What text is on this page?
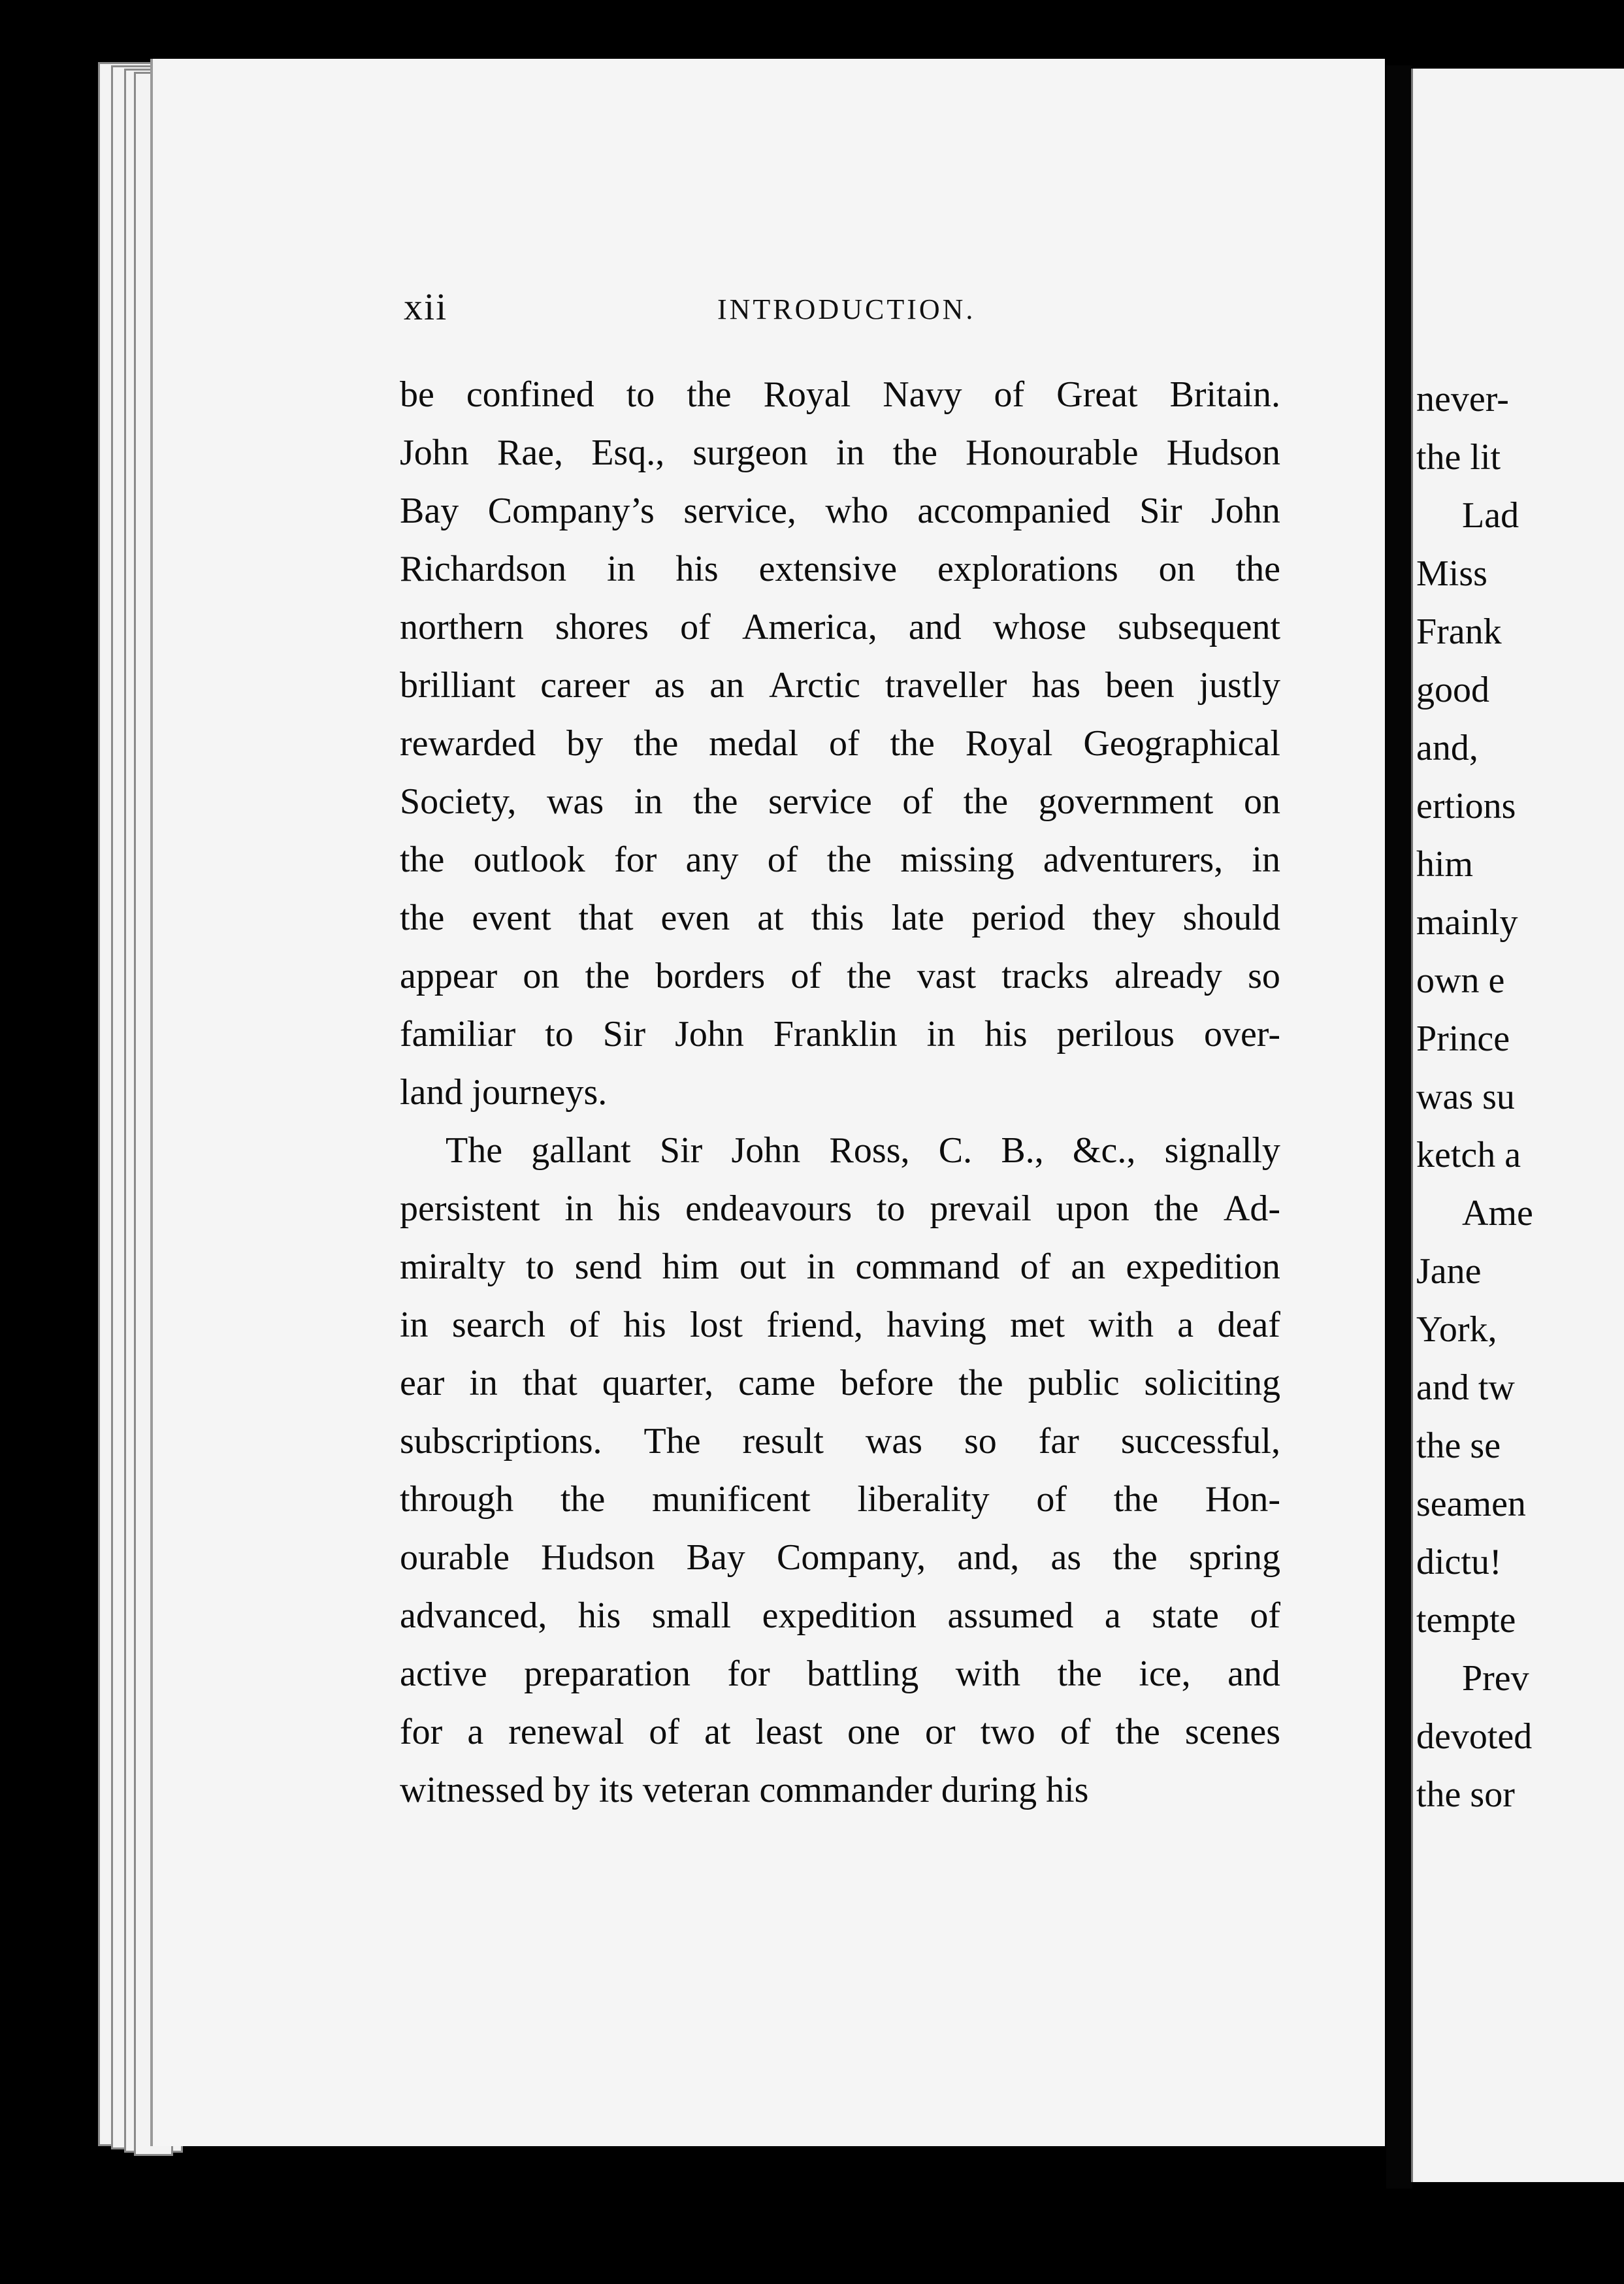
xii	INTRODUCTION.
be confined to the Royal Navy of Great Britain.
John Rae, Esq., surgeon in the Honourable Hudson
Bay Company’s service, who accompanied Sir John
Richardson in his extensive explorations on the
northern shores of America, and whose subsequent
brilliant career as an Arctic traveller has been justly
rewarded by the medal of the Royal Geographical
Society, was in the service of the government on
the outlook for any of the missing adventurers, in
the event that even at this late period they should
appear on the borders of the vast tracks already so
familiar to Sir John Franklin in his perilous over-
land journeys.
The gallant Sir John Ross, C. B., &c., signally
persistent in his endeavours to prevail upon the Ad-
miralty to send him out in command of an expedition
in search of his lost friend, having met with a deaf
ear in that quarter, came before the public soliciting
subscriptions. The result was so far successful,
through the munificent liberality of the Hon-
ourable Hudson Bay Company, and, as the spring
advanced, his small expedition assumed a state of
active preparation for battling with the ice, and
for a renewal of at least one or two of the scenes
witnessed by its veteran commander during his
never-
the lit
Lad
Miss
Frank
good
and,
ertions
him
mainly
own e
Prince
was su
ketch a
Ame
Jane
York,
and tw
the se
seamen
dictu!
tempte
Prev
devoted
the sor
